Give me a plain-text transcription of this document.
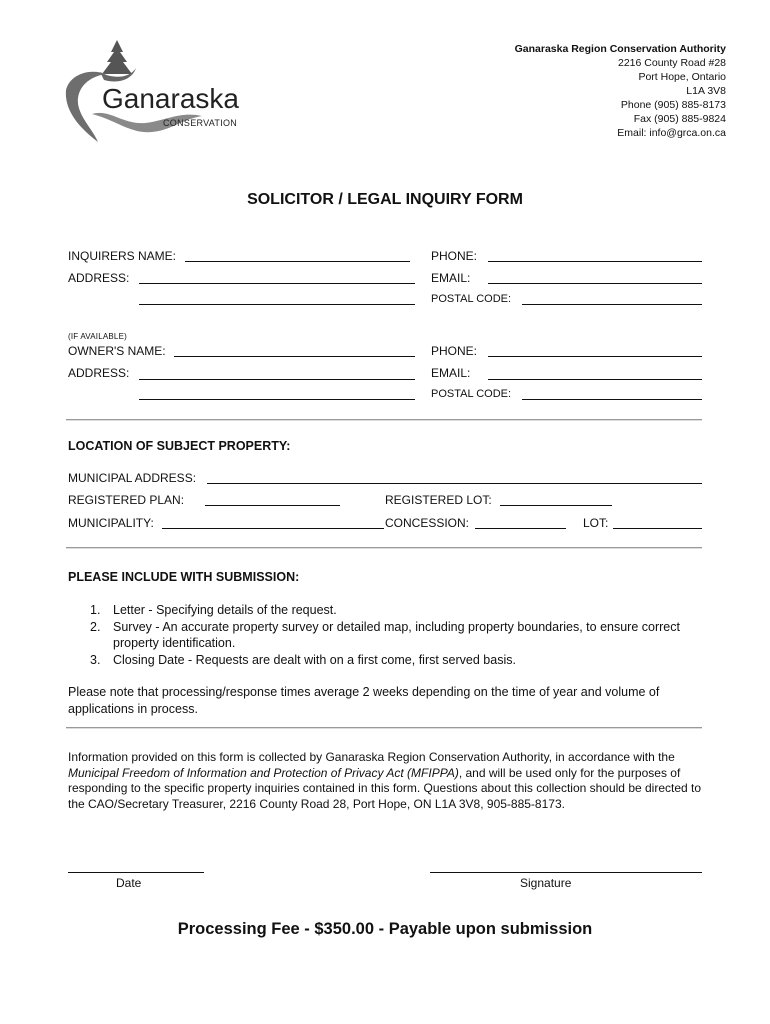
Ganaraska
CONSERVATION
Ganaraska Region Conservation Authority
2216 County Road #28
Port Hope, Ontario
L1A 3V8
Phone (905) 885-8173
Fax (905) 885-9824
Email: info@grca.on.ca
SOLICITOR / LEGAL INQUIRY FORM
INQUIRERS NAME:	PHONE:
ADDRESS:	EMAIL:
POSTAL CODE:
(IF AVAILABLE)
OWNER'S NAME:	PHONE:
ADDRESS:	EMAIL:
POSTAL CODE:
LOCATION OF SUBJECT PROPERTY:
MUNICIPAL ADDRESS:
REGISTERED PLAN:	REGISTERED LOT:
MUNICIPALITY:	CONCESSION:	LOT:
PLEASE INCLUDE WITH SUBMISSION:
1. Letter - Specifying details of the request.
2. Survey - An accurate property survey or detailed map, including property boundaries, to ensure correct property identification.
3. Closing Date - Requests are dealt with on a first come, first served basis.
Please note that processing/response times average 2 weeks depending on the time of year and volume of applications in process.
Information provided on this form is collected by Ganaraska Region Conservation Authority, in accordance with the Municipal Freedom of Information and Protection of Privacy Act (MFIPPA), and will be used only for the purposes of responding to the specific property inquiries contained in this form. Questions about this collection should be directed to the CAO/Secretary Treasurer, 2216 County Road 28, Port Hope, ON L1A 3V8, 905-885-8173.
Date	Signature
Processing Fee - $350.00 - Payable upon submission
